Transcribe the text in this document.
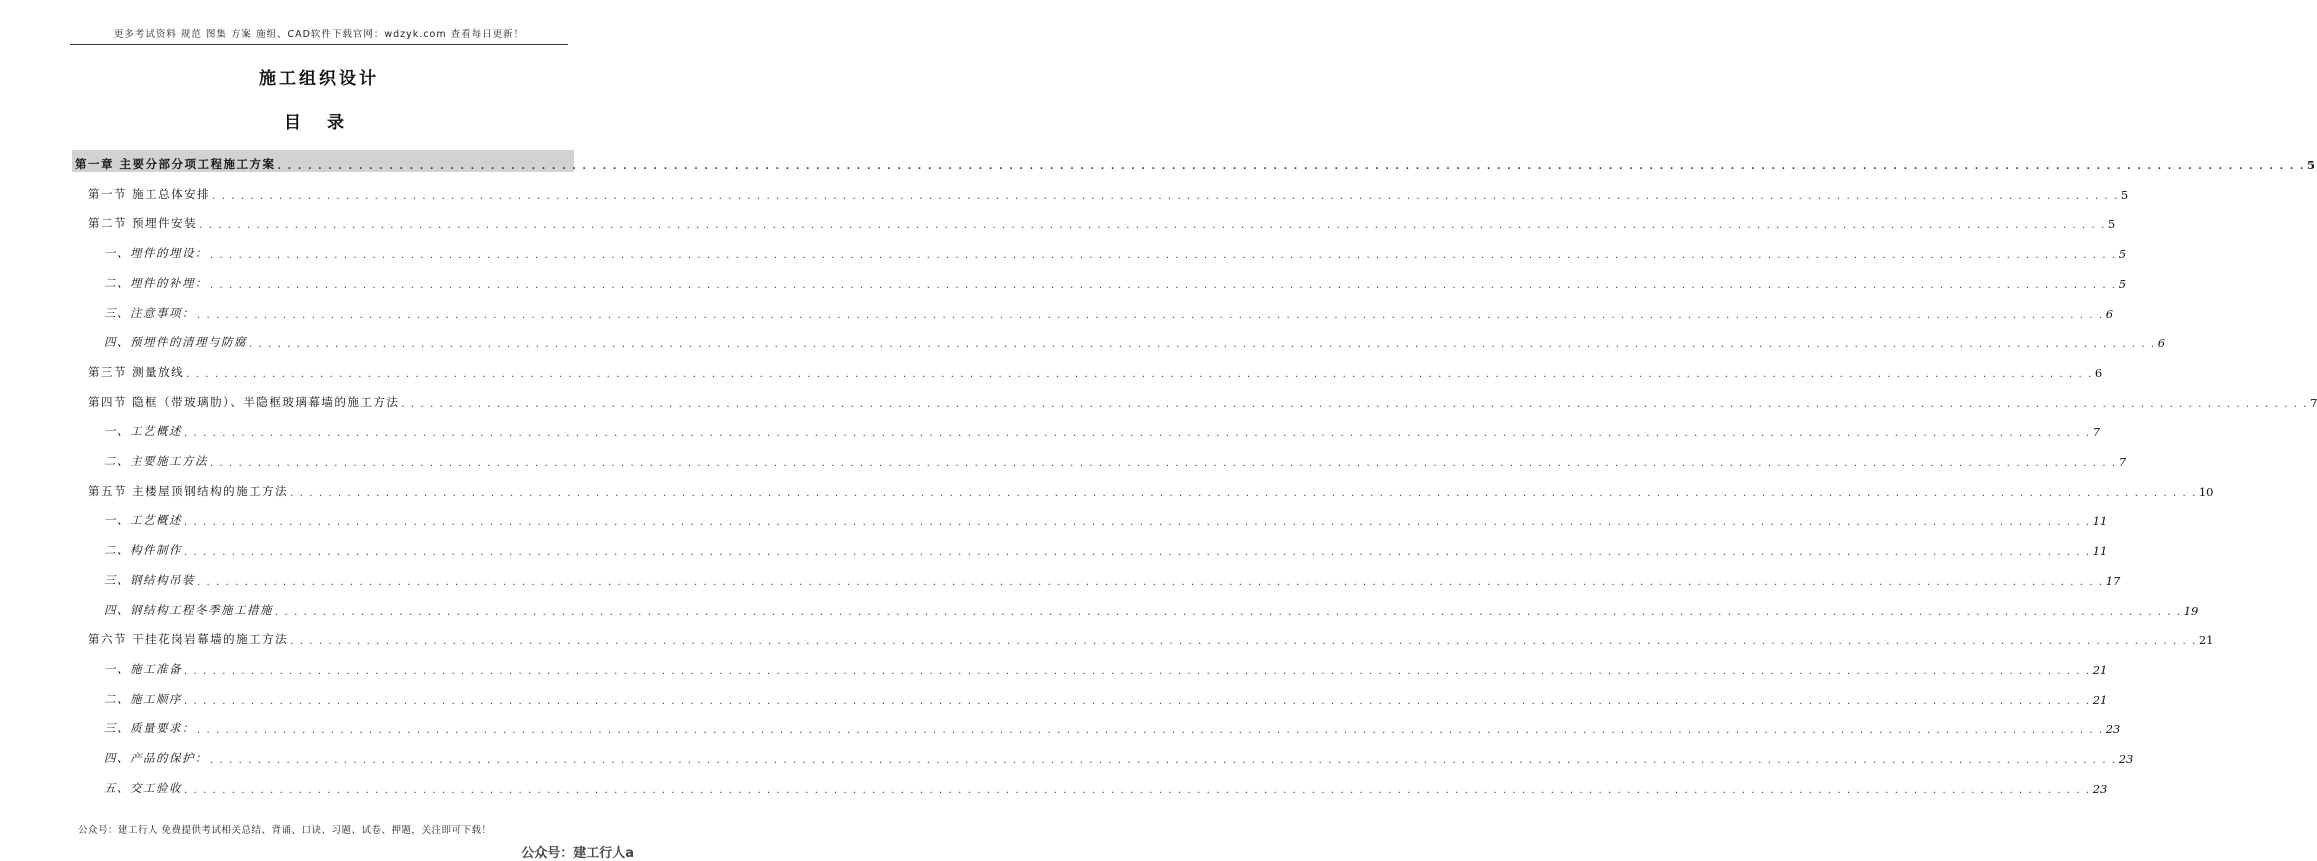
更多考试资料 规范 图集 方案 施组、CAD软件下载官网：wdzyk.com 查看每日更新！
施工组织设计
目 录
第一章 主要分部分项工程施工方案 . . . . . . . . . . . . . . . . . . . . . . . . . . . . . . . . . . . . . . . . . . . . . . . . . . . . . . . . . . . . . . . . . . . . . . . . . . . . . . . . . . . . . . . . . . . . . . . . . . . . . . . . . . . . . . . . . . . . . . . . . . . . . . . . . . . . . . . . . . . . . . . . . . . . . . . . . . . . . . . . . . . . . . . . . . . . . . . . . . . . . . . . . . . . . . . . . . . . . . . . 5
第一节 施工总体安排 . . . . . . . . . . . . . . . . . . . . . . . . . . . . . . . . . . . . . . . . . . . . . . . . . . . . . . . . . . . . . . . . . . . . . . . . . . . . . . . . . . . . . . . . . . . . . . . . . . . . . . . . . . . . . . . . . . . . . . . . . . . . . . . . . . . . . . . . . . . . . . . . . . . . . . . . . . . . . . . . . . . . . . . . . . . . . . . . . . . . . . . . . . . . . . . . . . . . . . . . 5
第二节 预埋件安装 . . . . . . . . . . . . . . . . . . . . . . . . . . . . . . . . . . . . . . . . . . . . . . . . . . . . . . . . . . . . . . . . . . . . . . . . . . . . . . . . . . . . . . . . . . . . . . . . . . . . . . . . . . . . . . . . . . . . . . . . . . . . . . . . . . . . . . . . . . . . . . . . . . . . . . . . . . . . . . . . . . . . . . . . . . . . . . . . . . . . . . . . . . . . . . . . . . . . . . . . 5
一、埋件的埋设： . . . . . . . . . . . . . . . . . . . . . . . . . . . . . . . . . . . . . . . . . . . . . . . . . . . . . . . . . . . . . . . . . . . . . . . . . . . . . . . . . . . . . . . . . . . . . . . . . . . . . . . . . . . . . . . . . . . . . . . . . . . . . . . . . . . . . . . . . . . . . . . . . . . . . . . . . . . . . . . . . . . . . . . . . . . . . . . . . . . . . . . . . . . . . . . . . . . . . . . . 5
二、埋件的补埋： . . . . . . . . . . . . . . . . . . . . . . . . . . . . . . . . . . . . . . . . . . . . . . . . . . . . . . . . . . . . . . . . . . . . . . . . . . . . . . . . . . . . . . . . . . . . . . . . . . . . . . . . . . . . . . . . . . . . . . . . . . . . . . . . . . . . . . . . . . . . . . . . . . . . . . . . . . . . . . . . . . . . . . . . . . . . . . . . . . . . . . . . . . . . . . . . . . . . . . . . 5
三、注意事项： . . . . . . . . . . . . . . . . . . . . . . . . . . . . . . . . . . . . . . . . . . . . . . . . . . . . . . . . . . . . . . . . . . . . . . . . . . . . . . . . . . . . . . . . . . . . . . . . . . . . . . . . . . . . . . . . . . . . . . . . . . . . . . . . . . . . . . . . . . . . . . . . . . . . . . . . . . . . . . . . . . . . . . . . . . . . . . . . . . . . . . . . . . . . . . . . . . . . . . . . 6
四、预埋件的清理与防腐 . . . . . . . . . . . . . . . . . . . . . . . . . . . . . . . . . . . . . . . . . . . . . . . . . . . . . . . . . . . . . . . . . . . . . . . . . . . . . . . . . . . . . . . . . . . . . . . . . . . . . . . . . . . . . . . . . . . . . . . . . . . . . . . . . . . . . . . . . . . . . . . . . . . . . . . . . . . . . . . . . . . . . . . . . . . . . . . . . . . . . . . . . . . . . . . . . . . . . . . . 6
第三节 测量放线 . . . . . . . . . . . . . . . . . . . . . . . . . . . . . . . . . . . . . . . . . . . . . . . . . . . . . . . . . . . . . . . . . . . . . . . . . . . . . . . . . . . . . . . . . . . . . . . . . . . . . . . . . . . . . . . . . . . . . . . . . . . . . . . . . . . . . . . . . . . . . . . . . . . . . . . . . . . . . . . . . . . . . . . . . . . . . . . . . . . . . . . . . . . . . . . . . . . . . . . . 6
第四节 隐框（带玻璃肋）、半隐框玻璃幕墙的施工方法 . . . . . . . . . . . . . . . . . . . . . . . . . . . . . . . . . . . . . . . . . . . . . . . . . . . . . . . . . . . . . . . . . . . . . . . . . . . . . . . . . . . . . . . . . . . . . . . . . . . . . . . . . . . . . . . . . . . . . . . . . . . . . . . . . . . . . . . . . . . . . . . . . . . . . . . . . . . . . . . . . . . . . . . . . . . . . . . . . . . . . . . . . . . . . . . . . . . . . . . . 7
一、工艺概述 . . . . . . . . . . . . . . . . . . . . . . . . . . . . . . . . . . . . . . . . . . . . . . . . . . . . . . . . . . . . . . . . . . . . . . . . . . . . . . . . . . . . . . . . . . . . . . . . . . . . . . . . . . . . . . . . . . . . . . . . . . . . . . . . . . . . . . . . . . . . . . . . . . . . . . . . . . . . . . . . . . . . . . . . . . . . . . . . . . . . . . . . . . . . . . . . . . . . . . . . 7
二、主要施工方法 . . . . . . . . . . . . . . . . . . . . . . . . . . . . . . . . . . . . . . . . . . . . . . . . . . . . . . . . . . . . . . . . . . . . . . . . . . . . . . . . . . . . . . . . . . . . . . . . . . . . . . . . . . . . . . . . . . . . . . . . . . . . . . . . . . . . . . . . . . . . . . . . . . . . . . . . . . . . . . . . . . . . . . . . . . . . . . . . . . . . . . . . . . . . . . . . . . . . . . . . 7
第五节 主楼屋顶钢结构的施工方法 . . . . . . . . . . . . . . . . . . . . . . . . . . . . . . . . . . . . . . . . . . . . . . . . . . . . . . . . . . . . . . . . . . . . . . . . . . . . . . . . . . . . . . . . . . . . . . . . . . . . . . . . . . . . . . . . . . . . . . . . . . . . . . . . . . . . . . . . . . . . . . . . . . . . . . . . . . . . . . . . . . . . . . . . . . . . . . . . . . . . . . . . . . . . . . . . . . . . . . . . 10
一、工艺概述 . . . . . . . . . . . . . . . . . . . . . . . . . . . . . . . . . . . . . . . . . . . . . . . . . . . . . . . . . . . . . . . . . . . . . . . . . . . . . . . . . . . . . . . . . . . . . . . . . . . . . . . . . . . . . . . . . . . . . . . . . . . . . . . . . . . . . . . . . . . . . . . . . . . . . . . . . . . . . . . . . . . . . . . . . . . . . . . . . . . . . . . . . . . . . . . . . . . . . . . . 11
二、构件制作 . . . . . . . . . . . . . . . . . . . . . . . . . . . . . . . . . . . . . . . . . . . . . . . . . . . . . . . . . . . . . . . . . . . . . . . . . . . . . . . . . . . . . . . . . . . . . . . . . . . . . . . . . . . . . . . . . . . . . . . . . . . . . . . . . . . . . . . . . . . . . . . . . . . . . . . . . . . . . . . . . . . . . . . . . . . . . . . . . . . . . . . . . . . . . . . . . . . . . . . . 11
三、钢结构吊装 . . . . . . . . . . . . . . . . . . . . . . . . . . . . . . . . . . . . . . . . . . . . . . . . . . . . . . . . . . . . . . . . . . . . . . . . . . . . . . . . . . . . . . . . . . . . . . . . . . . . . . . . . . . . . . . . . . . . . . . . . . . . . . . . . . . . . . . . . . . . . . . . . . . . . . . . . . . . . . . . . . . . . . . . . . . . . . . . . . . . . . . . . . . . . . . . . . . . . . . . 17
四、钢结构工程冬季施工措施 . . . . . . . . . . . . . . . . . . . . . . . . . . . . . . . . . . . . . . . . . . . . . . . . . . . . . . . . . . . . . . . . . . . . . . . . . . . . . . . . . . . . . . . . . . . . . . . . . . . . . . . . . . . . . . . . . . . . . . . . . . . . . . . . . . . . . . . . . . . . . . . . . . . . . . . . . . . . . . . . . . . . . . . . . . . . . . . . . . . . . . . . . . . . . . . . . . . . . . . . 19
第六节 干挂花岗岩幕墙的施工方法 . . . . . . . . . . . . . . . . . . . . . . . . . . . . . . . . . . . . . . . . . . . . . . . . . . . . . . . . . . . . . . . . . . . . . . . . . . . . . . . . . . . . . . . . . . . . . . . . . . . . . . . . . . . . . . . . . . . . . . . . . . . . . . . . . . . . . . . . . . . . . . . . . . . . . . . . . . . . . . . . . . . . . . . . . . . . . . . . . . . . . . . . . . . . . . . . . . . . . . . . 21
一、施工准备 . . . . . . . . . . . . . . . . . . . . . . . . . . . . . . . . . . . . . . . . . . . . . . . . . . . . . . . . . . . . . . . . . . . . . . . . . . . . . . . . . . . . . . . . . . . . . . . . . . . . . . . . . . . . . . . . . . . . . . . . . . . . . . . . . . . . . . . . . . . . . . . . . . . . . . . . . . . . . . . . . . . . . . . . . . . . . . . . . . . . . . . . . . . . . . . . . . . . . . . . 21
二、施工顺序 . . . . . . . . . . . . . . . . . . . . . . . . . . . . . . . . . . . . . . . . . . . . . . . . . . . . . . . . . . . . . . . . . . . . . . . . . . . . . . . . . . . . . . . . . . . . . . . . . . . . . . . . . . . . . . . . . . . . . . . . . . . . . . . . . . . . . . . . . . . . . . . . . . . . . . . . . . . . . . . . . . . . . . . . . . . . . . . . . . . . . . . . . . . . . . . . . . . . . . . . 21
三、质量要求： . . . . . . . . . . . . . . . . . . . . . . . . . . . . . . . . . . . . . . . . . . . . . . . . . . . . . . . . . . . . . . . . . . . . . . . . . . . . . . . . . . . . . . . . . . . . . . . . . . . . . . . . . . . . . . . . . . . . . . . . . . . . . . . . . . . . . . . . . . . . . . . . . . . . . . . . . . . . . . . . . . . . . . . . . . . . . . . . . . . . . . . . . . . . . . . . . . . . . . . . 23
四、产品的保护： . . . . . . . . . . . . . . . . . . . . . . . . . . . . . . . . . . . . . . . . . . . . . . . . . . . . . . . . . . . . . . . . . . . . . . . . . . . . . . . . . . . . . . . . . . . . . . . . . . . . . . . . . . . . . . . . . . . . . . . . . . . . . . . . . . . . . . . . . . . . . . . . . . . . . . . . . . . . . . . . . . . . . . . . . . . . . . . . . . . . . . . . . . . . . . . . . . . . . . . . 23
五、交工验收 . . . . . . . . . . . . . . . . . . . . . . . . . . . . . . . . . . . . . . . . . . . . . . . . . . . . . . . . . . . . . . . . . . . . . . . . . . . . . . . . . . . . . . . . . . . . . . . . . . . . . . . . . . . . . . . . . . . . . . . . . . . . . . . . . . . . . . . . . . . . . . . . . . . . . . . . . . . . . . . . . . . . . . . . . . . . . . . . . . . . . . . . . . . . . . . . . . . . . . . . 23
公众号：建工行人 免费提供考试相关总结、背诵、口诀、习题、试卷、押题，关注即可下载！
公众号：建工行人a
